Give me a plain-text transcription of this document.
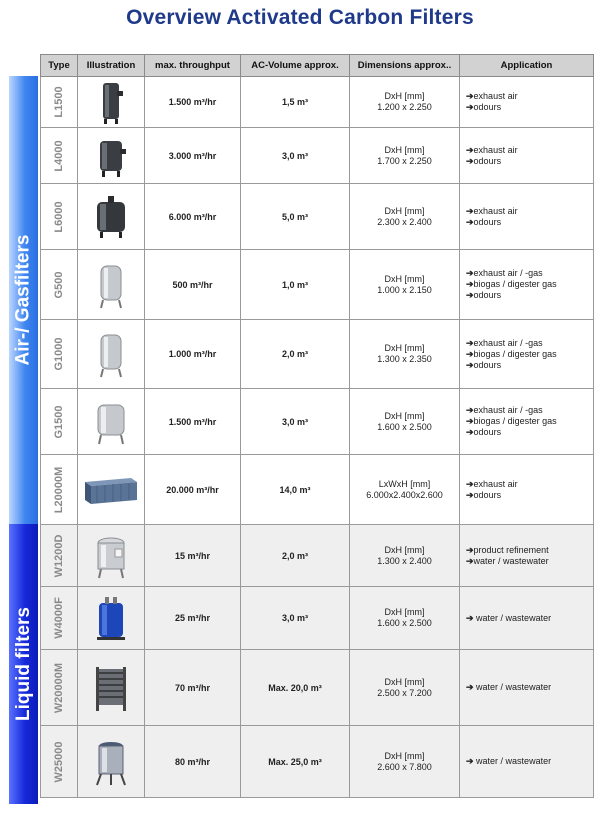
Overview Activated Carbon Filters
Air-/ Gasfilters
Liquid filters
Type	Illustration	max. throughput	AC-Volume approx.	Dimensions approx..	Application

L1500		1.500 m³/hr	1,5 m³	DxH [mm]
1.200 x 2.250	➔exhaust air
➔odours

L4000		3.000 m³/hr	3,0 m³	DxH [mm]
1.700 x 2.250	➔exhaust air
➔odours

L6000		6.000 m³/hr	5,0 m³	DxH [mm]
2.300 x 2.400	➔exhaust air
➔odours

G500		500 m³/hr	1,0 m³	DxH [mm]
1.000 x 2.150	➔exhaust air / -gas
➔biogas / digester gas
➔odours

G1000		1.000 m³/hr	2,0 m³	DxH [mm]
1.300 x 2.350	➔exhaust air / -gas
➔biogas / digester gas
➔odours

G1500		1.500 m³/hr	3,0 m³	DxH [mm]
1.600 x 2.500	➔exhaust air / -gas
➔biogas / digester gas
➔odours

L20000M		20.000 m³/hr	14,0 m³	LxWxH [mm]
6.000x2.400x2.600	➔exhaust air
➔odours

W1200D		15 m³/hr	2,0 m³	DxH [mm]
1.300 x 2.400	➔product refinement
➔water / wastewater

W4000F		25 m³/hr	3,0 m³	DxH [mm]
1.600 x 2.500	➔ water / wastewater

W20000M		70 m³/hr	Max. 20,0 m³	DxH [mm]
2.500 x 7.200	➔ water / wastewater

W25000		80 m³/hr	Max. 25,0 m³	DxH [mm]
2.600 x 7.800	➔ water / wastewater
